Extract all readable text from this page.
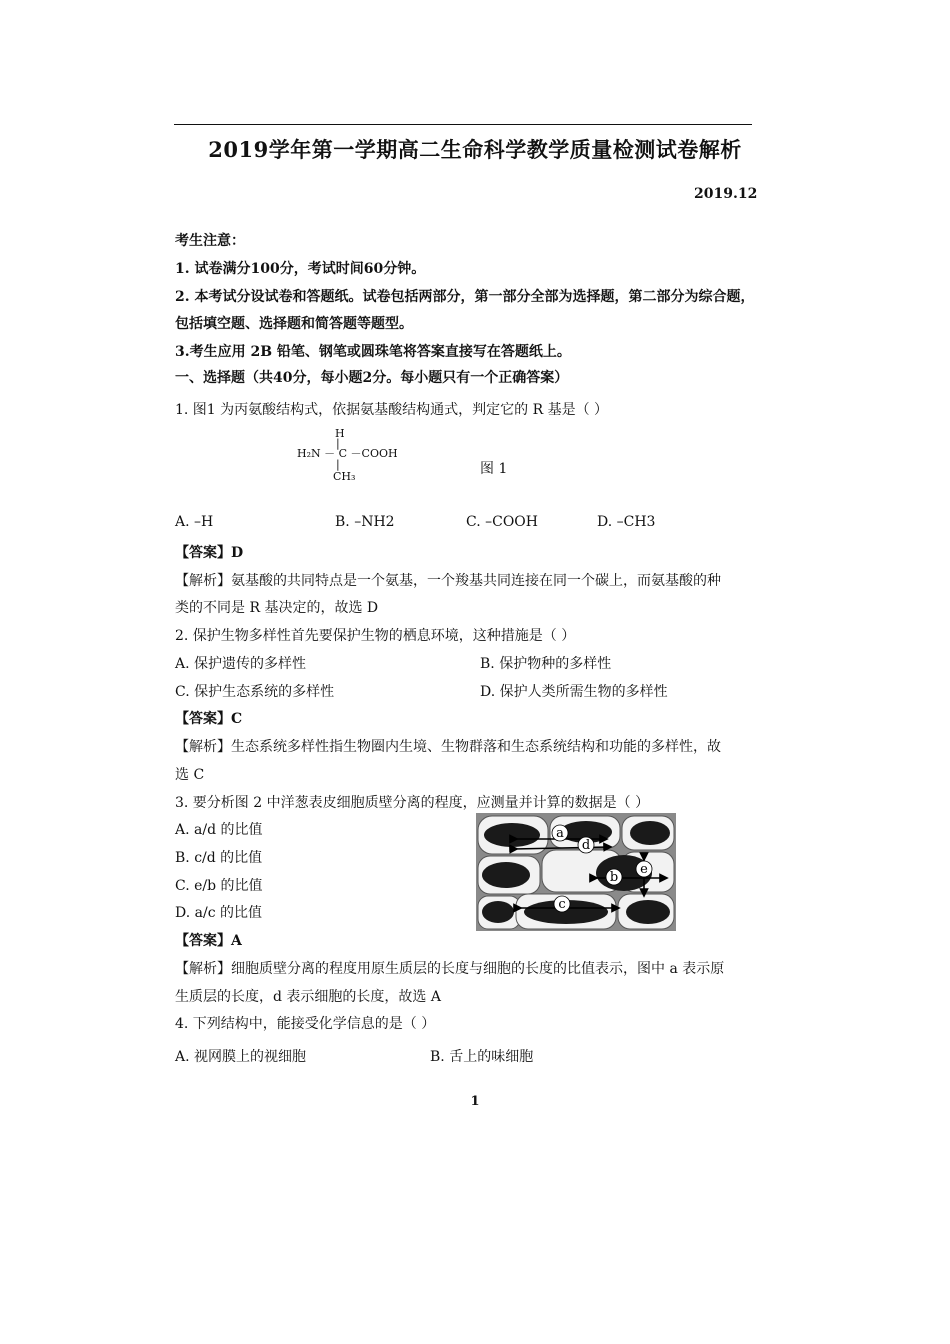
2019学年第一学期高二生命科学教学质量检测试卷解析
2019.12
考生注意：
1. 试卷满分100分，考试时间60分钟。
2. 本考试分设试卷和答题纸。试卷包括两部分，第一部分全部为选择题，第二部分为综合题，
包括填空题、选择题和简答题等题型。
3.考生应用 2B 铅笔、钢笔或圆珠笔将答案直接写在答题纸上。
一、选择题（共40分，每小题2分。每小题只有一个正确答案）
1. 图1 为丙氨酸结构式，依据氨基酸结构通式，判定它的 R 基是（ ）
H
|
H₂N － C －COOH
|
CH₃	图 1
A. –H	B. –NH2	C. –COOH	D. –CH3
【答案】D
【解析】氨基酸的共同特点是一个氨基，一个羧基共同连接在同一个碳上，而氨基酸的种
类的不同是 R 基决定的，故选 D
2. 保护生物多样性首先要保护生物的栖息环境，这种措施是（ ）
A. 保护遗传的多样性	B. 保护物种的多样性
C. 保护生态系统的多样性	D. 保护人类所需生物的多样性
【答案】C
【解析】生态系统多样性指生物圈内生境、生物群落和生态系统结构和功能的多样性，故
选 C
3. 要分析图 2 中洋葱表皮细胞质壁分离的程度，应测量并计算的数据是（ ）
A. a/d 的比值
B. c/d 的比值
C. e/b 的比值
D. a/c 的比值
a
d
b
e
c
【答案】A
【解析】细胞质壁分离的程度用原生质层的长度与细胞的长度的比值表示，图中 a 表示原
生质层的长度，d 表示细胞的长度，故选 A
4. 下列结构中，能接受化学信息的是（ ）
A. 视网膜上的视细胞	B. 舌上的味细胞
1
